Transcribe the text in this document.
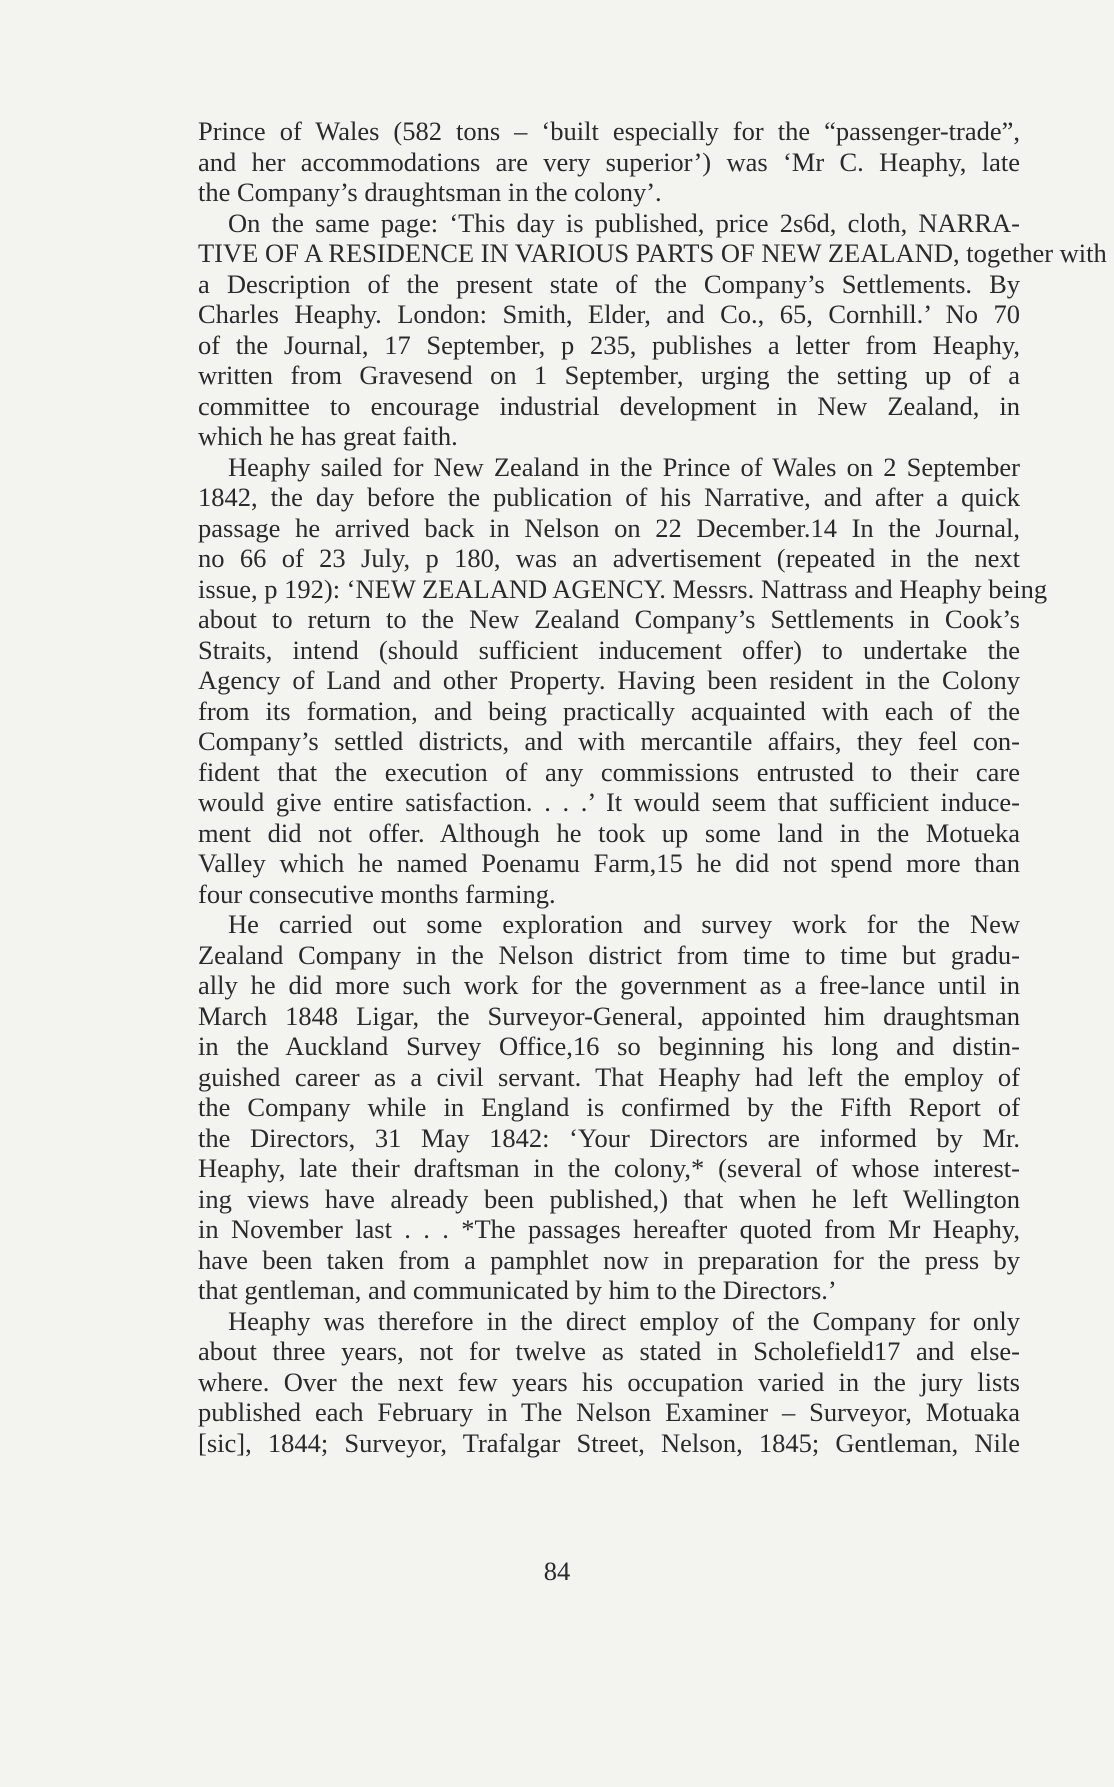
Prince of Wales (582 tons – ‘built especially for the “passenger-trade”,
and her accommodations are very superior’) was ‘Mr C. Heaphy, late
the Company’s draughtsman in the colony’.
On the same page: ‘This day is published, price 2s6d, cloth, NARRA-
TIVE OF A RESIDENCE IN VARIOUS PARTS OF NEW ZEALAND, together with
a Description of the present state of the Company’s Settlements. By
Charles Heaphy. London: Smith, Elder, and Co., 65, Cornhill.’ No 70
of the Journal, 17 September, p 235, publishes a letter from Heaphy,
written from Gravesend on 1 September, urging the setting up of a
committee to encourage industrial development in New Zealand, in
which he has great faith.
Heaphy sailed for New Zealand in the Prince of Wales on 2 September
1842, the day before the publication of his Narrative, and after a quick
passage he arrived back in Nelson on 22 December.14 In the Journal,
no 66 of 23 July, p 180, was an advertisement (repeated in the next
issue, p 192): ‘NEW ZEALAND AGENCY. Messrs. Nattrass and Heaphy being
about to return to the New Zealand Company’s Settlements in Cook’s
Straits, intend (should sufficient inducement offer) to undertake the
Agency of Land and other Property. Having been resident in the Colony
from its formation, and being practically acquainted with each of the
Company’s settled districts, and with mercantile affairs, they feel con-
fident that the execution of any commissions entrusted to their care
would give entire satisfaction. . . .’ It would seem that sufficient induce-
ment did not offer. Although he took up some land in the Motueka
Valley which he named Poenamu Farm,15 he did not spend more than
four consecutive months farming.
He carried out some exploration and survey work for the New
Zealand Company in the Nelson district from time to time but gradu-
ally he did more such work for the government as a free-lance until in
March 1848 Ligar, the Surveyor-General, appointed him draughtsman
in the Auckland Survey Office,16 so beginning his long and distin-
guished career as a civil servant. That Heaphy had left the employ of
the Company while in England is confirmed by the Fifth Report of
the Directors, 31 May 1842: ‘Your Directors are informed by Mr.
Heaphy, late their draftsman in the colony,* (several of whose interest-
ing views have already been published,) that when he left Wellington
in November last . . . *The passages hereafter quoted from Mr Heaphy,
have been taken from a pamphlet now in preparation for the press by
that gentleman, and communicated by him to the Directors.’
Heaphy was therefore in the direct employ of the Company for only
about three years, not for twelve as stated in Scholefield17 and else-
where. Over the next few years his occupation varied in the jury lists
published each February in The Nelson Examiner – Surveyor, Motuaka
[sic], 1844; Surveyor, Trafalgar Street, Nelson, 1845; Gentleman, Nile
84
